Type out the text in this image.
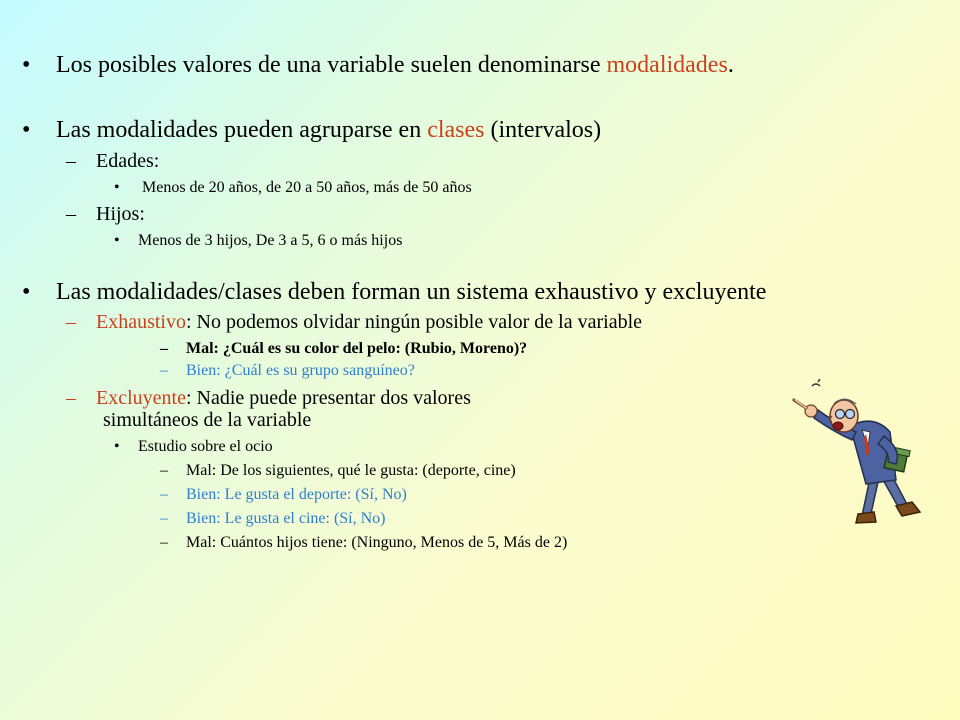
• Los posibles valores de una variable suelen denominarse modalidades.
• Las modalidades pueden agruparse en clases (intervalos)
– Edades:
• Menos de 20 años, de 20 a 50 años, más de 50 años
– Hijos:
• Menos de 3 hijos, De 3 a 5, 6 o más hijos
• Las modalidades/clases deben forman un sistema exhaustivo y excluyente
– Exhaustivo: No podemos olvidar ningún posible valor de la variable
– Mal: ¿Cuál es su color del pelo: (Rubio, Moreno)?
– Bien: ¿Cuál es su grupo sanguíneo?
– Excluyente: Nadie puede presentar dos valores
simultáneos de la variable
• Estudio sobre el ocio
– Mal: De los siguientes, qué le gusta: (deporte, cine)
– Bien: Le gusta el deporte: (Sí, No)
– Bien: Le gusta el cine: (Sí, No)
– Mal: Cuántos hijos tiene: (Ninguno, Menos de 5, Más de 2)
